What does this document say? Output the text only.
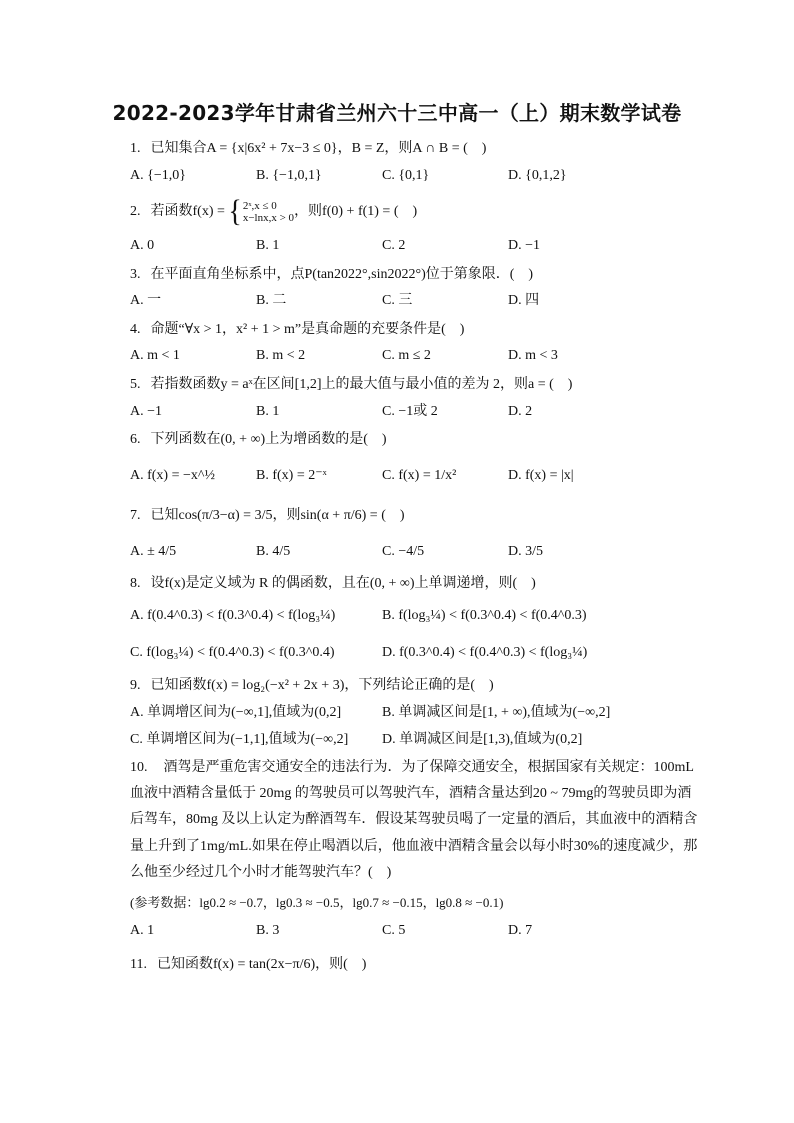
2022-2023学年甘肃省兰州六十三中高一（上）期末数学试卷
1. 已知集合A = {x|6x² + 7x−3 ≤ 0}，B = Z，则A ∩ B = (　)
A. {−1,0}	B. {−1,0,1}	C. {0,1}	D. {0,1,2}
2. 若函数f(x) = { 2ˣ,x ≤ 0
x−lnx,x > 0 ，则f(0) + f(1) = (　)
A. 0	B. 1	C. 2	D. −1
3. 在平面直角坐标系中，点P(tan2022°,sin2022°)位于第象限．(　)
A. 一	B. 二	C. 三	D. 四
4. 命题“∀x > 1，x² + 1 > m”是真命题的充要条件是(　)
A. m < 1	B. m < 2	C. m ≤ 2	D. m < 3
5. 若指数函数y = aˣ在区间[1,2]上的最大值与最小值的差为 2，则a = (　)
A. −1	B. 1	C. −1或 2	D. 2
6. 下列函数在(0, + ∞)上为增函数的是(　)
A. f(x) = −x^½	B. f(x) = 2⁻ˣ	C. f(x) = 1/x²	D. f(x) = |x|
7. 已知cos(π/3−α) = 3/5，则sin(α + π/6) = (　)
A. ± 4/5	B. 4/5	C. −4/5	D. 3/5
8. 设f(x)是定义域为 R 的偶函数，且在(0, + ∞)上单调递增，则(　)
A. f(0.4^0.3) < f(0.3^0.4) < f(log₃¼)	B. f(log₃¼) < f(0.3^0.4) < f(0.4^0.3)
C. f(log₃¼) < f(0.4^0.3) < f(0.3^0.4)	D. f(0.3^0.4) < f(0.4^0.3) < f(log₃¼)
9. 已知函数f(x) = log₂(−x² + 2x + 3)，下列结论正确的是(　)
A. 单调增区间为(−∞,1],值域为(0,2]	B. 单调减区间是[1, + ∞),值域为(−∞,2]
C. 单调增区间为(−1,1],值域为(−∞,2] D. 单调减区间是[1,3),值域为(0,2]
10. 酒驾是严重危害交通安全的违法行为．为了保障交通安全，根据国家有关规定：100mL
血液中酒精含量低于 20mg 的驾驶员可以驾驶汽车，酒精含量达到20 ~ 79mg的驾驶员即为酒
后驾车，80mg 及以上认定为醉酒驾车．假设某驾驶员喝了一定量的酒后，其血液中的酒精含
量上升到了1mg/mL.如果在停止喝酒以后，他血液中酒精含量会以每小时30%的速度减少，那
么他至少经过几个小时才能驾驶汽车？(　)
(参考数据：lg0.2 ≈ −0.7，lg0.3 ≈ −0.5，lg0.7 ≈ −0.15，lg0.8 ≈ −0.1)
A. 1	B. 3	C. 5	D. 7
11. 已知函数f(x) = tan(2x−π/6)，则(　)
